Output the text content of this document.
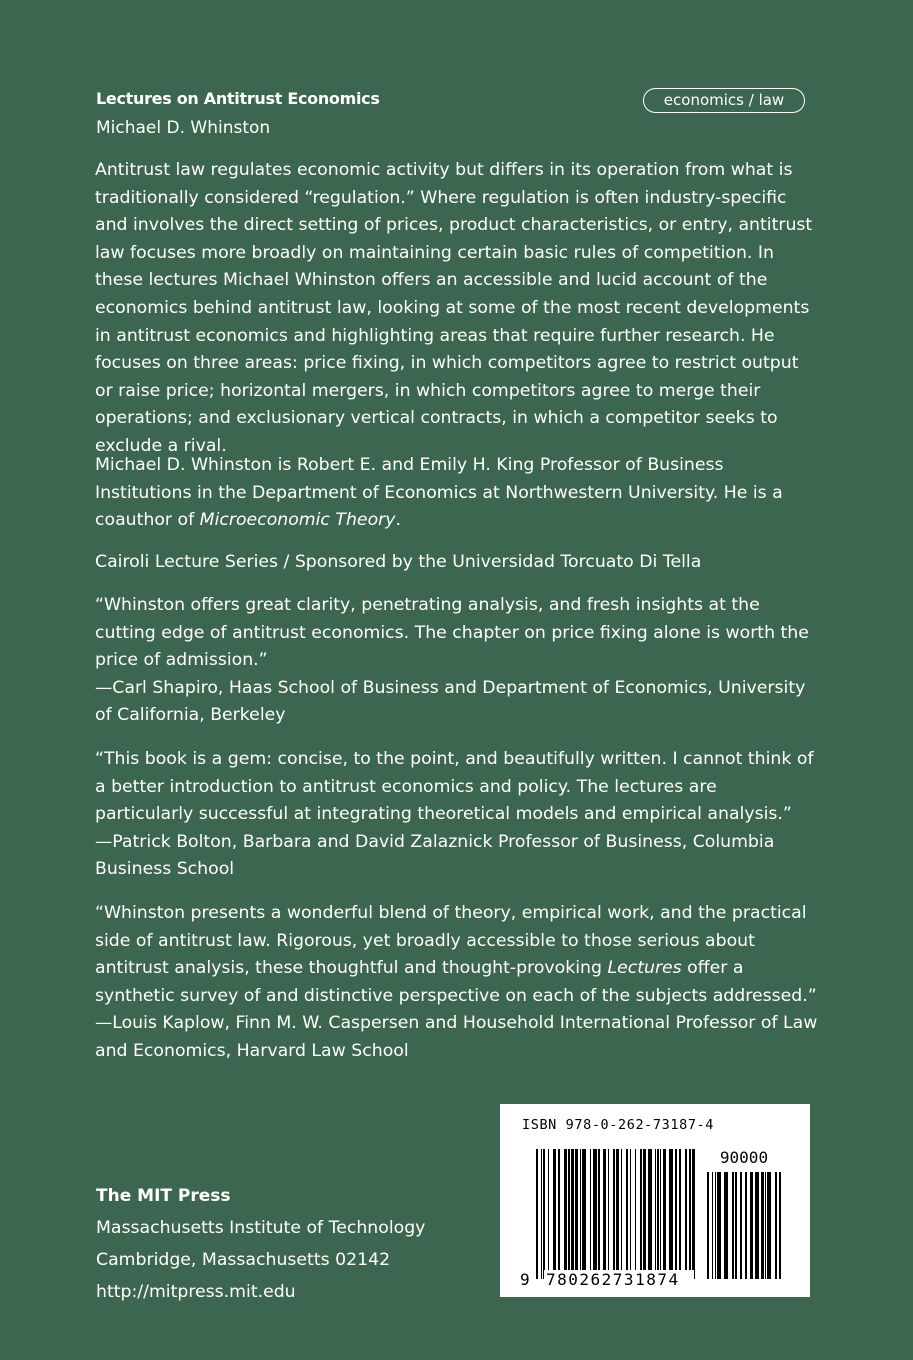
Lectures on Antitrust Economics
Michael D. Whinston
economics / law

Antitrust law regulates economic activity but differs in its operation from what is traditionally considered “regulation.” Where regulation is often industry-specific and involves the direct setting of prices, product characteristics, or entry, antitrust law focuses more broadly on maintaining certain basic rules of competition. In these lectures Michael Whinston offers an accessible and lucid account of the economics behind antitrust law, looking at some of the most recent developments in antitrust economics and highlighting areas that require further research. He focuses on three areas: price fixing, in which competitors agree to restrict output or raise price; horizontal mergers, in which competitors agree to merge their operations; and exclusionary vertical contracts, in which a competitor seeks to exclude a rival.

Michael D. Whinston is Robert E. and Emily H. King Professor of Business Institutions in the Department of Economics at Northwestern University. He is a coauthor of Microeconomic Theory.

Cairoli Lecture Series / Sponsored by the Universidad Torcuato Di Tella

“Whinston offers great clarity, penetrating analysis, and fresh insights at the cutting edge of antitrust economics. The chapter on price fixing alone is worth the price of admission.”
—Carl Shapiro, Haas School of Business and Department of Economics, University of California, Berkeley
“This book is a gem: concise, to the point, and beautifully written. I cannot think of a better introduction to antitrust economics and policy. The lectures are particularly successful at integrating theoretical models and empirical analysis.”
—Patrick Bolton, Barbara and David Zalaznick Professor of Business, Columbia Business School
“Whinston presents a wonderful blend of theory, empirical work, and the practical side of antitrust law. Rigorous, yet broadly accessible to those serious about antitrust analysis, these thoughtful and thought-provoking Lectures offer a synthetic survey of and distinctive perspective on each of the subjects addressed.”
—Louis Kaplow, Finn M. W. Caspersen and Household International Professor of Law and Economics, Harvard Law School
The MIT Press
Massachusetts Institute of Technology
Cambridge, Massachusetts 02142
http://mitpress.mit.edu
ISBN 978-0-262-73187-4
90000
9 780262731874
